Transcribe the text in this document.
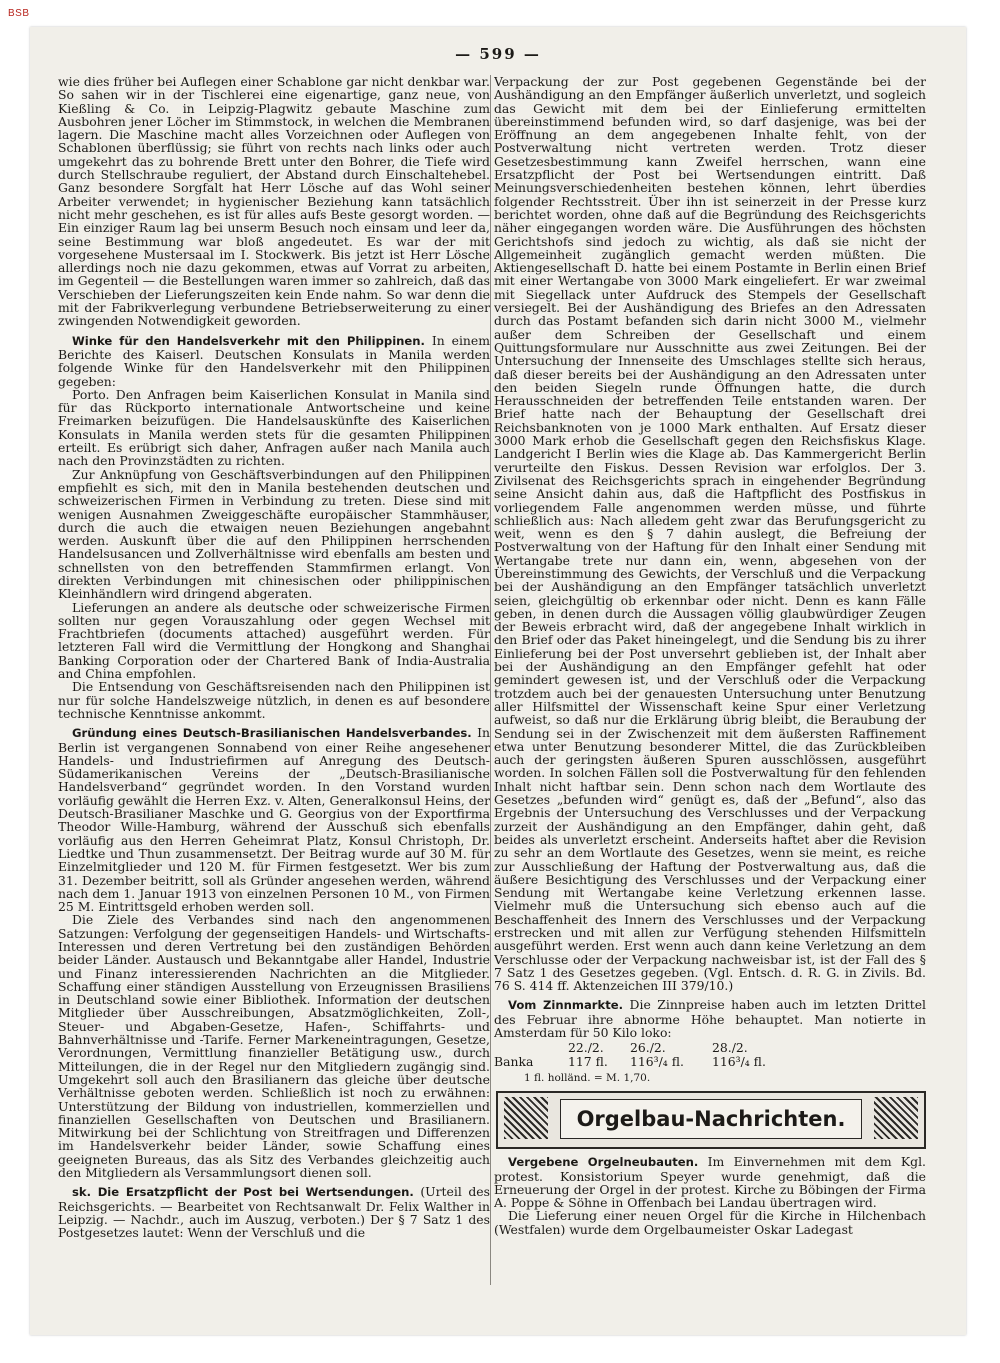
BSB
— 599 —

wie dies früher bei Auflegen einer Schablone gar nicht denkbar war. So sahen wir in der Tischlerei eine eigenartige, ganz neue, von Kießling & Co. in Leipzig-Plagwitz gebaute Maschine zum Ausbohren jener Löcher im Stimmstock, in welchen die Membranen lagern. Die Maschine macht alles Vorzeichnen oder Auflegen von Schablonen überflüssig; sie führt von rechts nach links oder auch umgekehrt das zu bohrende Brett unter den Bohrer, die Tiefe wird durch Stellschraube reguliert, der Abstand durch Einschaltehebel. Ganz besondere Sorgfalt hat Herr Lösche auf das Wohl seiner Arbeiter verwendet; in hygienischer Beziehung kann tatsächlich nicht mehr geschehen, es ist für alles aufs Beste gesorgt worden. — Ein einziger Raum lag bei unserm Besuch noch einsam und leer da, seine Bestimmung war bloß angedeutet. Es war der mit vorgesehene Mustersaal im I. Stockwerk. Bis jetzt ist Herr Lösche allerdings noch nie dazu gekommen, etwas auf Vorrat zu arbeiten, im Gegenteil — die Bestellungen waren immer so zahlreich, daß das Verschieben der Lieferungszeiten kein Ende nahm. So war denn die mit der Fabrikverlegung verbundene Betriebserweiterung zu einer zwingenden Notwendigkeit geworden.

Winke für den Handelsverkehr mit den Philippinen. In einem Berichte des Kaiserl. Deutschen Konsulats in Manila werden folgende Winke für den Handelsverkehr mit den Philippinen gegeben:

Porto. Den Anfragen beim Kaiserlichen Konsulat in Manila sind für das Rückporto internationale Antwortscheine und keine Freimarken beizufügen. Die Handelsauskünfte des Kaiserlichen Konsulats in Manila werden stets für die gesamten Philippinen erteilt. Es erübrigt sich daher, Anfragen außer nach Manila auch nach den Provinzstädten zu richten.

Zur Anknüpfung von Geschäftsverbindungen auf den Philippinen empfiehlt es sich, mit den in Manila bestehenden deutschen und schweizerischen Firmen in Verbindung zu treten. Diese sind mit wenigen Ausnahmen Zweiggeschäfte europäischer Stammhäuser, durch die auch die etwaigen neuen Beziehungen angebahnt werden. Auskunft über die auf den Philippinen herrschenden Handelsusancen und Zollverhältnisse wird ebenfalls am besten und schnellsten von den betreffenden Stammfirmen erlangt. Von direkten Verbindungen mit chinesischen oder philippinischen Kleinhändlern wird dringend abgeraten.

Lieferungen an andere als deutsche oder schweizerische Firmen sollten nur gegen Vorauszahlung oder gegen Wechsel mit Frachtbriefen (documents attached) ausgeführt werden. Für letzteren Fall wird die Vermittlung der Hongkong and Shanghai Banking Corporation oder der Chartered Bank of India-Australia and China empfohlen.

Die Entsendung von Geschäftsreisenden nach den Philippinen ist nur für solche Handelszweige nützlich, in denen es auf besondere technische Kenntnisse ankommt.

Gründung eines Deutsch-Brasilianischen Handelsverbandes. In Berlin ist vergangenen Sonnabend von einer Reihe angesehener Handels- und Industriefirmen auf Anregung des Deutsch-Südamerikanischen Vereins der „Deutsch-Brasilianische Handelsverband“ gegründet worden. In den Vorstand wurden vorläufig gewählt die Herren Exz. v. Alten, Generalkonsul Heins, der Deutsch-Brasilianer Maschke und G. Georgius von der Exportfirma Theodor Wille-Hamburg, während der Ausschuß sich ebenfalls vorläufig aus den Herren Geheimrat Platz, Konsul Christoph, Dr. Liedtke und Thun zusammensetzt. Der Beitrag wurde auf 30 M. für Einzelmitglieder und 120 M. für Firmen festgesetzt. Wer bis zum 31. Dezember beitritt, soll als Gründer angesehen werden, während nach dem 1. Januar 1913 von einzelnen Personen 10 M., von Firmen 25 M. Eintrittsgeld erhoben werden soll.

Die Ziele des Verbandes sind nach den angenommenen Satzungen: Verfolgung der gegenseitigen Handels- und Wirtschafts-Interessen und deren Vertretung bei den zuständigen Behörden beider Länder. Austausch und Bekanntgabe aller Handel, Industrie und Finanz interessierenden Nachrichten an die Mitglieder. Schaffung einer ständigen Ausstellung von Erzeugnissen Brasiliens in Deutschland sowie einer Bibliothek. Information der deutschen Mitglieder über Ausschreibungen, Absatzmöglichkeiten, Zoll-, Steuer- und Abgaben-Gesetze, Hafen-, Schiffahrts- und Bahnverhältnisse und -Tarife. Ferner Markeneintragungen, Gesetze, Verordnungen, Vermittlung finanzieller Betätigung usw., durch Mitteilungen, die in der Regel nur den Mitgliedern zugängig sind. Umgekehrt soll auch den Brasilianern das gleiche über deutsche Verhältnisse geboten werden. Schließlich ist noch zu erwähnen: Unterstützung der Bildung von industriellen, kommerziellen und finanziellen Gesellschaften von Deutschen und Brasilianern. Mitwirkung bei der Schlichtung von Streitfragen und Differenzen im Handelsverkehr beider Länder, sowie Schaffung eines geeigneten Bureaus, das als Sitz des Verbandes gleichzeitig auch den Mitgliedern als Versammlungsort dienen soll.

sk. Die Ersatzpflicht der Post bei Wertsendungen. (Urteil des Reichsgerichts. — Bearbeitet von Rechtsanwalt Dr. Felix Walther in Leipzig. — Nachdr., auch im Auszug, verboten.) Der § 7 Satz 1 des Postgesetzes lautet: Wenn der Verschluß und die

Verpackung der zur Post gegebenen Gegenstände bei der Aushändigung an den Empfänger äußerlich unverletzt, und sogleich das Gewicht mit dem bei der Einlieferung ermittelten übereinstimmend befunden wird, so darf dasjenige, was bei der Eröffnung an dem angegebenen Inhalte fehlt, von der Postverwaltung nicht vertreten werden. Trotz dieser Gesetzesbestimmung kann Zweifel herrschen, wann eine Ersatzpflicht der Post bei Wertsendungen eintritt. Daß Meinungsverschiedenheiten bestehen können, lehrt überdies folgender Rechtsstreit. Über ihn ist seinerzeit in der Presse kurz berichtet worden, ohne daß auf die Begründung des Reichsgerichts näher eingegangen worden wäre. Die Ausführungen des höchsten Gerichtshofs sind jedoch zu wichtig, als daß sie nicht der Allgemeinheit zugänglich gemacht werden müßten. Die Aktiengesellschaft D. hatte bei einem Postamte in Berlin einen Brief mit einer Wertangabe von 3000 Mark eingeliefert. Er war zweimal mit Siegellack unter Aufdruck des Stempels der Gesellschaft versiegelt. Bei der Aushändigung des Briefes an den Adressaten durch das Postamt befanden sich darin nicht 3000 M., vielmehr außer dem Schreiben der Gesellschaft und einem Quittungsformulare nur Ausschnitte aus zwei Zeitungen. Bei der Untersuchung der Innenseite des Umschlages stellte sich heraus, daß dieser bereits bei der Aushändigung an den Adressaten unter den beiden Siegeln runde Öffnungen hatte, die durch Herausschneiden der betreffenden Teile entstanden waren. Der Brief hatte nach der Behauptung der Gesellschaft drei Reichsbanknoten von je 1000 Mark enthalten. Auf Ersatz dieser 3000 Mark erhob die Gesellschaft gegen den Reichsfiskus Klage. Landgericht I Berlin wies die Klage ab. Das Kammergericht Berlin verurteilte den Fiskus. Dessen Revision war erfolglos. Der 3. Zivilsenat des Reichsgerichts sprach in eingehender Begründung seine Ansicht dahin aus, daß die Haftpflicht des Postfiskus in vorliegendem Falle angenommen werden müsse, und führte schließlich aus: Nach alledem geht zwar das Berufungsgericht zu weit, wenn es den § 7 dahin auslegt, die Befreiung der Postverwaltung von der Haftung für den Inhalt einer Sendung mit Wertangabe trete nur dann ein, wenn, abgesehen von der Übereinstimmung des Gewichts, der Verschluß und die Verpackung bei der Aushändigung an den Empfänger tatsächlich unverletzt seien, gleichgültig ob erkennbar oder nicht. Denn es kann Fälle geben, in denen durch die Aussagen völlig glaubwürdiger Zeugen der Beweis erbracht wird, daß der angegebene Inhalt wirklich in den Brief oder das Paket hineingelegt, und die Sendung bis zu ihrer Einlieferung bei der Post unversehrt geblieben ist, der Inhalt aber bei der Aushändigung an den Empfänger gefehlt hat oder gemindert gewesen ist, und der Verschluß oder die Verpackung trotzdem auch bei der genauesten Untersuchung unter Benutzung aller Hilfsmittel der Wissenschaft keine Spur einer Verletzung aufweist, so daß nur die Erklärung übrig bleibt, die Beraubung der Sendung sei in der Zwischenzeit mit dem äußersten Raffinement etwa unter Benutzung besonderer Mittel, die das Zurückbleiben auch der geringsten äußeren Spuren ausschlössen, ausgeführt worden. In solchen Fällen soll die Postverwaltung für den fehlenden Inhalt nicht haftbar sein. Denn schon nach dem Wortlaute des Gesetzes „befunden wird“ genügt es, daß der „Befund“, also das Ergebnis der Untersuchung des Verschlusses und der Verpackung zurzeit der Aushändigung an den Empfänger, dahin geht, daß beides als unverletzt erscheint. Anderseits haftet aber die Revision zu sehr an dem Wortlaute des Gesetzes, wenn sie meint, es reiche zur Ausschließung der Haftung der Postverwaltung aus, daß die äußere Besichtigung des Verschlusses und der Verpackung einer Sendung mit Wertangabe keine Verletzung erkennen lasse. Vielmehr muß die Untersuchung sich ebenso auch auf die Beschaffenheit des Innern des Verschlusses und der Verpackung erstrecken und mit allen zur Verfügung stehenden Hilfsmitteln ausgeführt werden. Erst wenn auch dann keine Verletzung an dem Verschlusse oder der Verpackung nachweisbar ist, ist der Fall des § 7 Satz 1 des Gesetzes gegeben. (Vgl. Entsch. d. R. G. in Zivils. Bd. 76 S. 414 ff. Aktenzeichen III 379/10.)

Vom Zinnmarkte. Die Zinnpreise haben auch im letzten Drittel des Februar ihre abnorme Höhe behauptet. Man notierte in Amsterdam für 50 Kilo loko:

	22./2.	26./2.	28./2.
Banka	117 fl.	116³/₄ fl.	116³/₄ fl.
1 fl. holländ. = M. 1,70.
Orgelbau-Nachrichten.

Vergebene Orgelneubauten. Im Einvernehmen mit dem Kgl. protest. Konsistorium Speyer wurde genehmigt, daß die Erneuerung der Orgel in der protest. Kirche zu Böbingen der Firma A. Poppe & Söhne in Offenbach bei Landau übertragen wird.

Die Lieferung einer neuen Orgel für die Kirche in Hilchenbach (Westfalen) wurde dem Orgelbaumeister Oskar Ladegast
